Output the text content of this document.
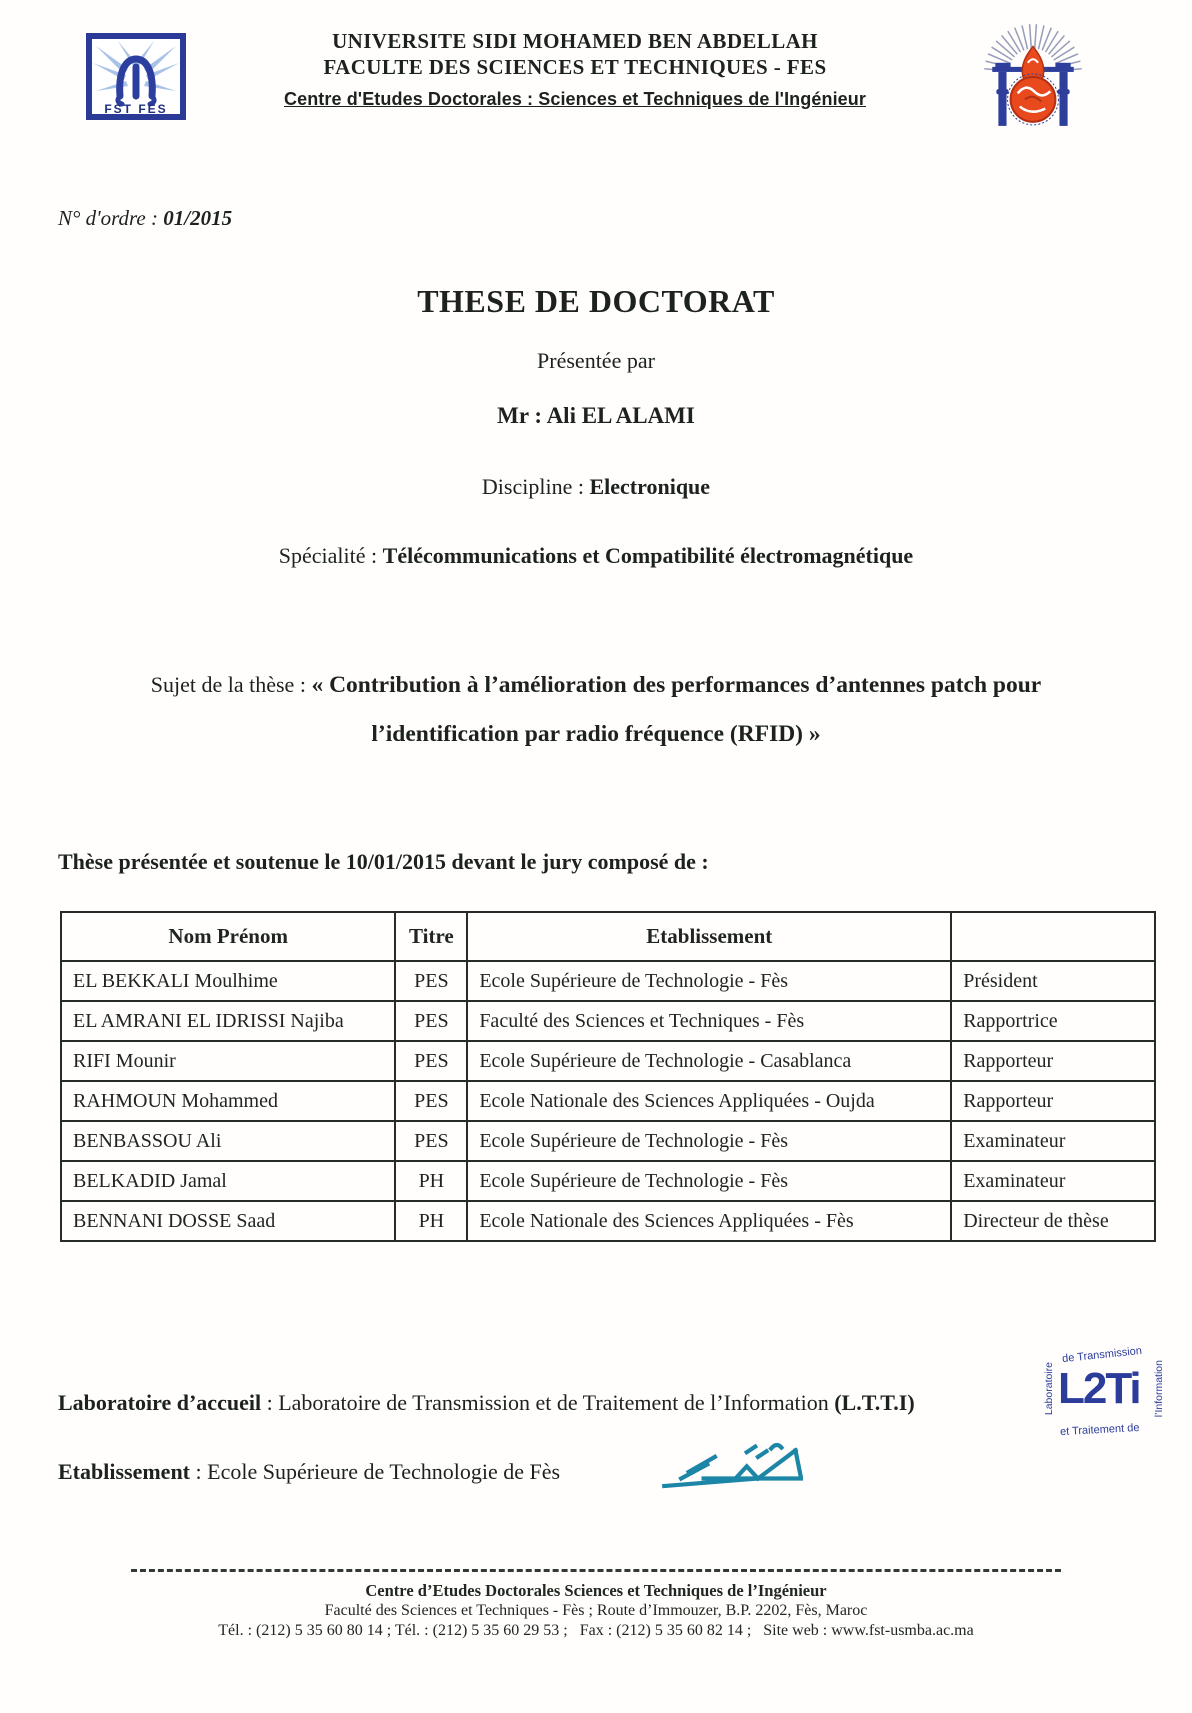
FST FES
UNIVERSITE SIDI MOHAMED BEN ABDELLAH
FACULTE DES SCIENCES ET TECHNIQUES - FES
Centre d'Etudes Doctorales : Sciences et Techniques de l'Ingénieur
N° d'ordre : 01/2015
THESE DE DOCTORAT
Présentée par
Mr : Ali EL ALAMI
Discipline : Electronique
Spécialité : Télécommunications et Compatibilité électromagnétique
Sujet de la thèse : « Contribution à l’amélioration des performances d’antennes patch pour
l’identification par radio fréquence (RFID) »
Thèse présentée et soutenue le 10/01/2015 devant le jury composé de :
Nom Prénom	Titre	Etablissement	
EL BEKKALI Moulhime	PES	Ecole Supérieure de Technologie - Fès	Président
EL AMRANI EL IDRISSI Najiba	PES	Faculté des Sciences et Techniques - Fès	Rapportrice
RIFI Mounir	PES	Ecole Supérieure de Technologie - Casablanca	Rapporteur
RAHMOUN Mohammed	PES	Ecole Nationale des Sciences Appliquées - Oujda	Rapporteur
BENBASSOU Ali	PES	Ecole Supérieure de Technologie - Fès	Examinateur
BELKADID Jamal	PH	Ecole Supérieure de Technologie - Fès	Examinateur
BENNANI DOSSE Saad	PH	Ecole Nationale des Sciences Appliquées - Fès	Directeur de thèse
Laboratoire d’accueil : Laboratoire de Transmission et de Traitement de l’Information (L.T.T.I)
de Transmission
Laboratoire L2Ti l’Information
et Traitement de
Etablissement : Ecole Supérieure de Technologie de Fès
Centre d’Etudes Doctorales Sciences et Techniques de l’Ingénieur
Faculté des Sciences et Techniques - Fès ; Route d’Immouzer, B.P. 2202, Fès, Maroc
Tél. : (212) 5 35 60 80 14 ; Tél. : (212) 5 35 60 29 53 ;   Fax : (212) 5 35 60 82 14 ;   Site web : www.fst-usmba.ac.ma
